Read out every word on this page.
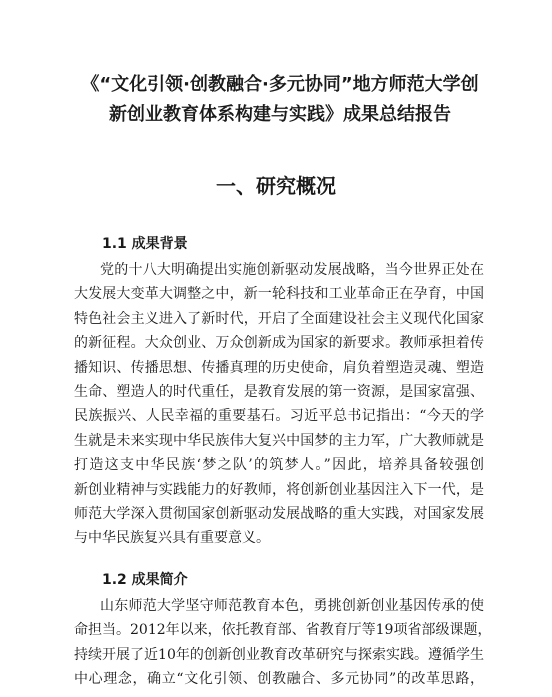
《“文化引领·创教融合·多元协同”地方师范大学创
新创业教育体系构建与实践》成果总结报告
一、研究概况
1.1 成果背景
党的十八大明确提出实施创新驱动发展战略，当今世界正处在
大发展大变革大调整之中，新一轮科技和工业革命正在孕育，中国
特色社会主义进入了新时代，开启了全面建设社会主义现代化国家
的新征程。大众创业、万众创新成为国家的新要求。教师承担着传
播知识、传播思想、传播真理的历史使命，肩负着塑造灵魂、塑造
生命、塑造人的时代重任，是教育发展的第一资源，是国家富强、
民族振兴、人民幸福的重要基石。习近平总书记指出：“今天的学
生就是未来实现中华民族伟大复兴中国梦的主力军，广大教师就是
打造这支中华民族‘梦之队’的筑梦人。”因此，培养具备较强创
新创业精神与实践能力的好教师，将创新创业基因注入下一代，是
师范大学深入贯彻国家创新驱动发展战略的重大实践，对国家发展
与中华民族复兴具有重要意义。
1.2 成果简介
山东师范大学坚守师范教育本色，勇挑创新创业基因传承的使
命担当。2012年以来，依托教育部、省教育厅等19项省部级课题，
持续开展了近10年的创新创业教育改革研究与探索实践。遵循学生
中心理念，确立“文化引领、创教融合、多元协同”的改革思路，
